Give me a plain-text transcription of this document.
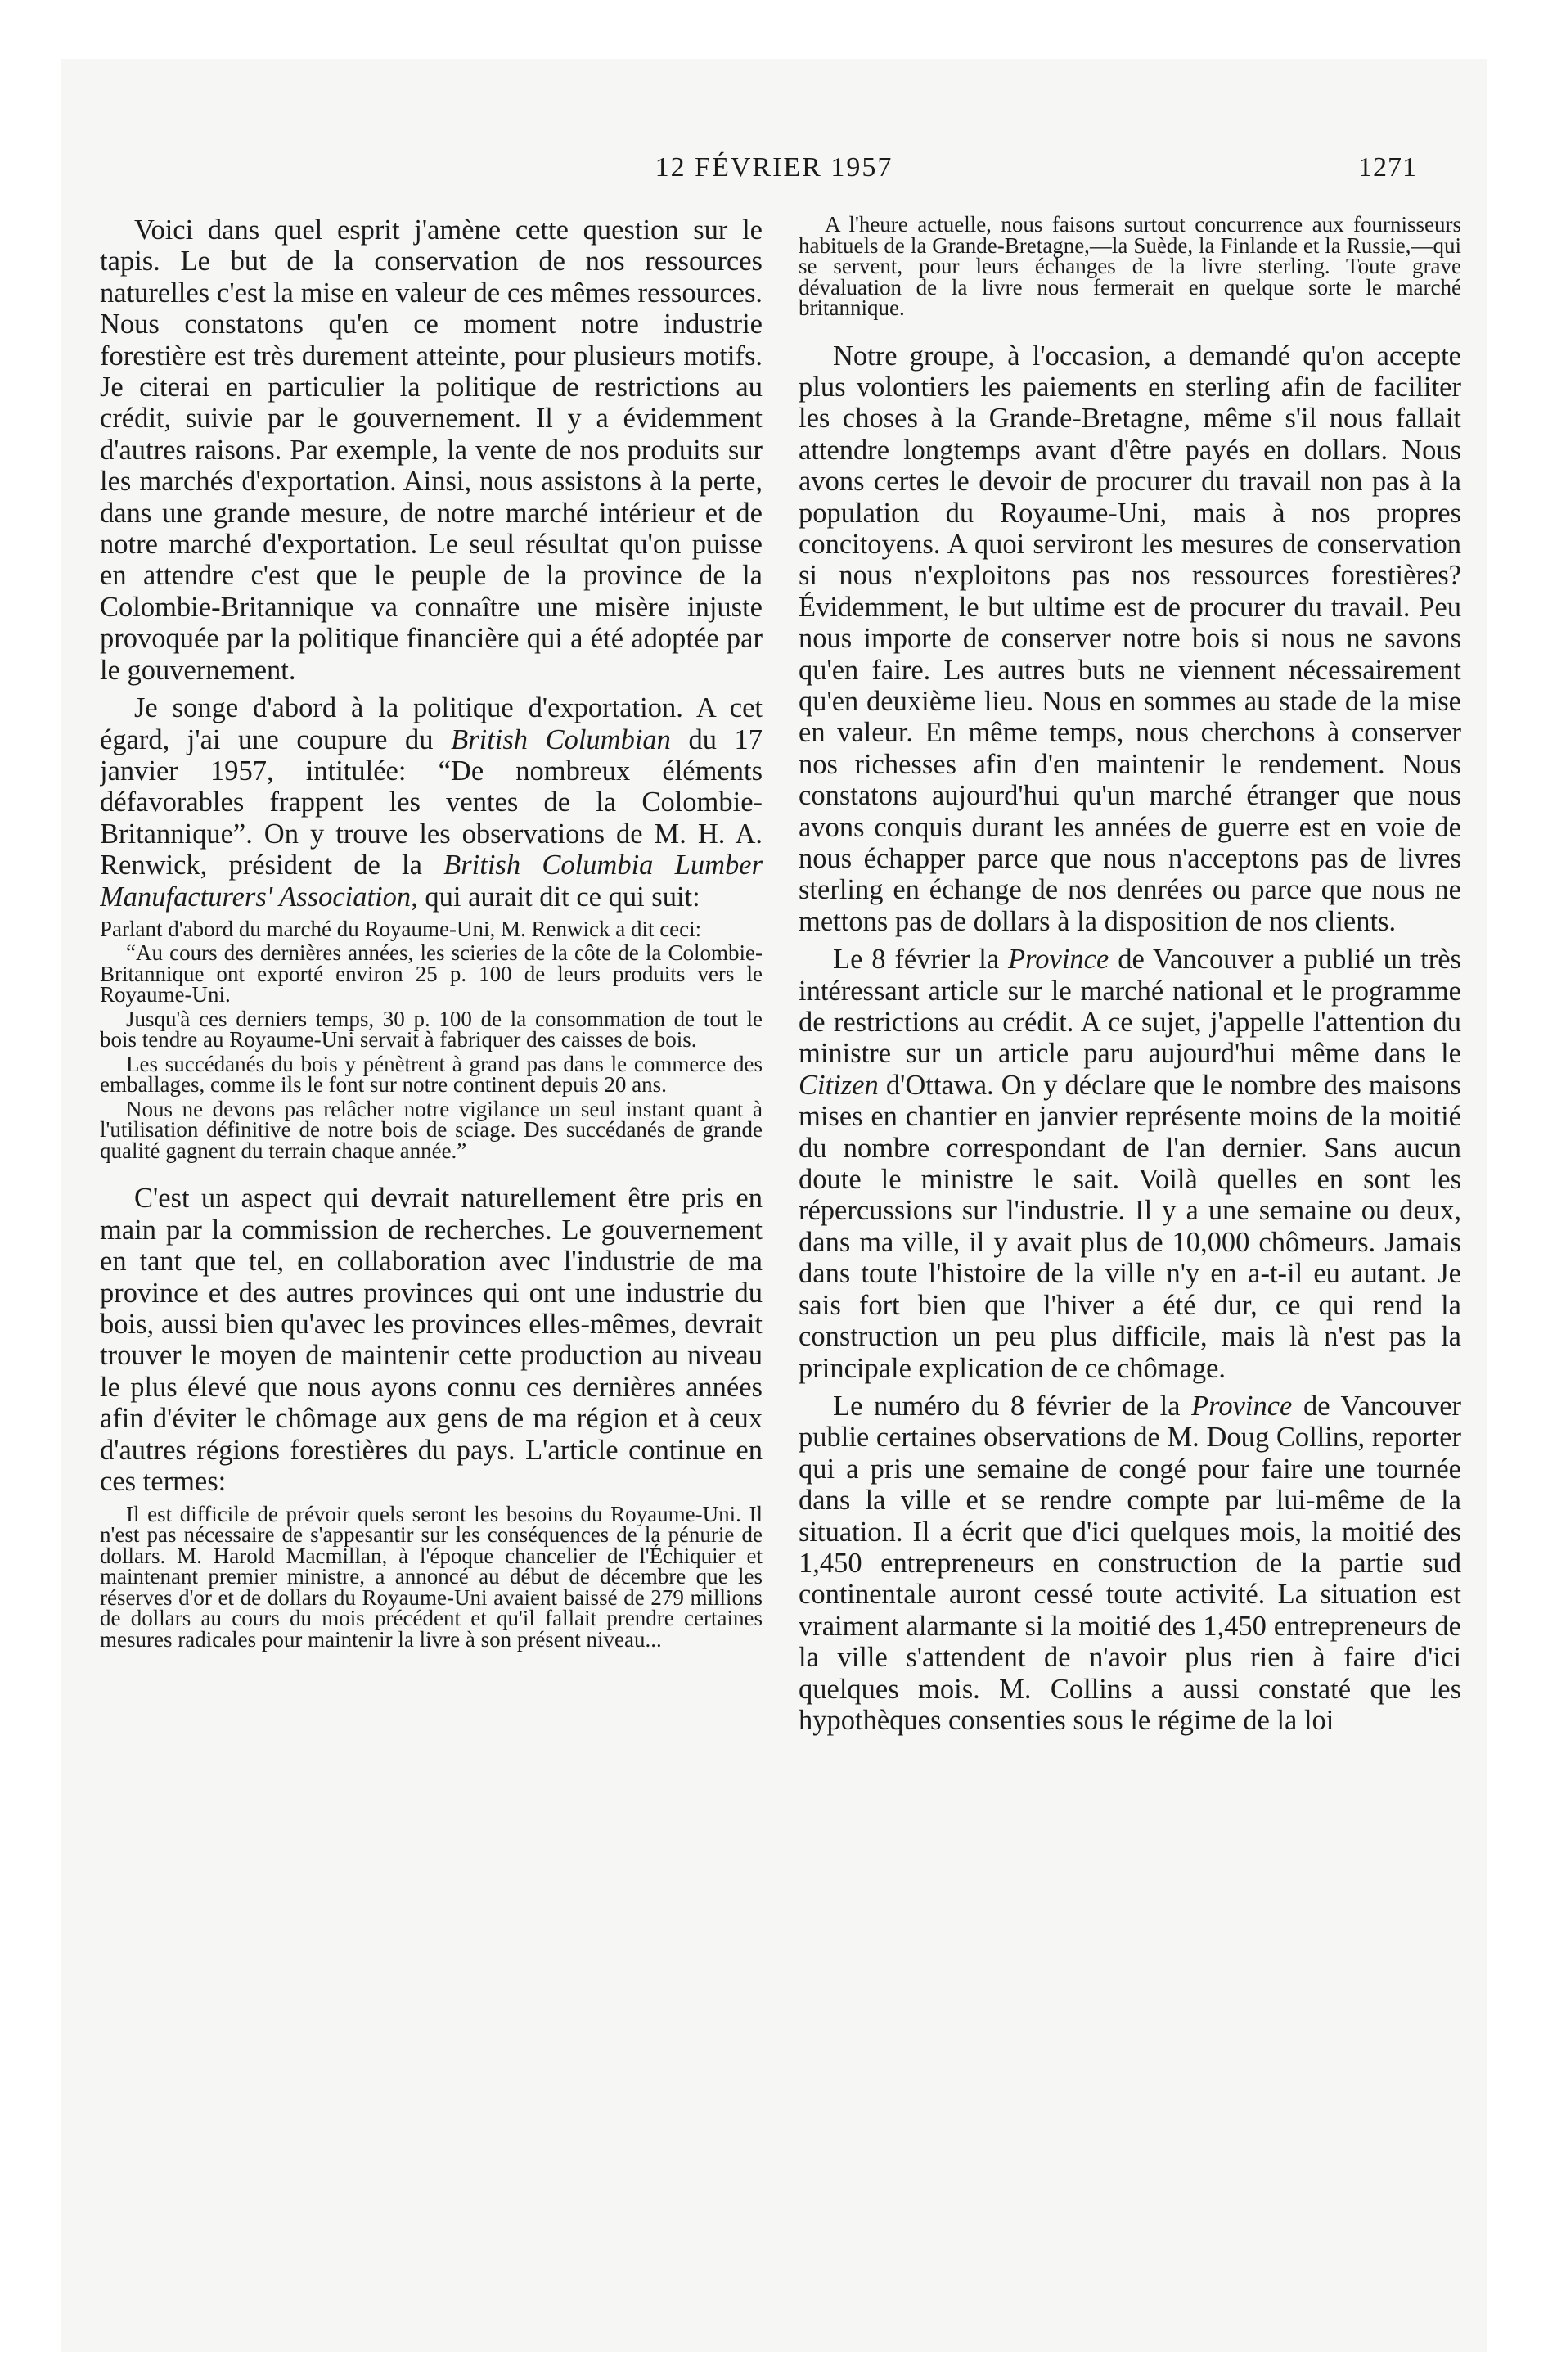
12 FÉVRIER 1957	1271

Voici dans quel esprit j'amène cette question sur le tapis. Le but de la conservation de nos ressources naturelles c'est la mise en valeur de ces mêmes ressources. Nous constatons qu'en ce moment notre industrie forestière est très durement atteinte, pour plusieurs motifs. Je citerai en particulier la politique de restrictions au crédit, suivie par le gouvernement. Il y a évidemment d'autres raisons. Par exemple, la vente de nos produits sur les marchés d'exportation. Ainsi, nous assistons à la perte, dans une grande mesure, de notre marché intérieur et de notre marché d'exportation. Le seul résultat qu'on puisse en attendre c'est que le peuple de la province de la Colombie-Britannique va connaître une misère injuste provoquée par la politique financière qui a été adoptée par le gouvernement.

Je songe d'abord à la politique d'exportation. A cet égard, j'ai une coupure du British Columbian du 17 janvier 1957, intitulée: “De nombreux éléments défavorables frappent les ventes de la Colombie-Britannique”. On y trouve les observations de M. H. A. Renwick, président de la British Columbia Lumber Manufacturers' Association, qui aurait dit ce qui suit:

Parlant d'abord du marché du Royaume-Uni, M. Renwick a dit ceci:

“Au cours des dernières années, les scieries de la côte de la Colombie-Britannique ont exporté environ 25 p. 100 de leurs produits vers le Royaume-Uni.

Jusqu'à ces derniers temps, 30 p. 100 de la consommation de tout le bois tendre au Royaume-Uni servait à fabriquer des caisses de bois.

Les succédanés du bois y pénètrent à grand pas dans le commerce des emballages, comme ils le font sur notre continent depuis 20 ans.

Nous ne devons pas relâcher notre vigilance un seul instant quant à l'utilisation définitive de notre bois de sciage. Des succédanés de grande qualité gagnent du terrain chaque année.”

C'est un aspect qui devrait naturellement être pris en main par la commission de recherches. Le gouvernement en tant que tel, en collaboration avec l'industrie de ma province et des autres provinces qui ont une industrie du bois, aussi bien qu'avec les provinces elles-mêmes, devrait trouver le moyen de maintenir cette production au niveau le plus élevé que nous ayons connu ces dernières années afin d'éviter le chômage aux gens de ma région et à ceux d'autres régions forestières du pays. L'article continue en ces termes:

Il est difficile de prévoir quels seront les besoins du Royaume-Uni. Il n'est pas nécessaire de s'appesantir sur les conséquences de la pénurie de dollars. M. Harold Macmillan, à l'époque chancelier de l'Échiquier et maintenant premier ministre, a annoncé au début de décembre que les réserves d'or et de dollars du Royaume-Uni avaient baissé de 279 millions de dollars au cours du mois précédent et qu'il fallait prendre certaines mesures radicales pour maintenir la livre à son présent niveau...

A l'heure actuelle, nous faisons surtout concurrence aux fournisseurs habituels de la Grande-Bretagne,—la Suède, la Finlande et la Russie,—qui se servent, pour leurs échanges de la livre sterling. Toute grave dévaluation de la livre nous fermerait en quelque sorte le marché britannique.

Notre groupe, à l'occasion, a demandé qu'on accepte plus volontiers les paiements en sterling afin de faciliter les choses à la Grande-Bretagne, même s'il nous fallait attendre longtemps avant d'être payés en dollars. Nous avons certes le devoir de procurer du travail non pas à la population du Royaume-Uni, mais à nos propres concitoyens. A quoi serviront les mesures de conservation si nous n'exploitons pas nos ressources forestières? Évidemment, le but ultime est de procurer du travail. Peu nous importe de conserver notre bois si nous ne savons qu'en faire. Les autres buts ne viennent nécessairement qu'en deuxième lieu. Nous en sommes au stade de la mise en valeur. En même temps, nous cherchons à conserver nos richesses afin d'en maintenir le rendement. Nous constatons aujourd'hui qu'un marché étranger que nous avons conquis durant les années de guerre est en voie de nous échapper parce que nous n'acceptons pas de livres sterling en échange de nos denrées ou parce que nous ne mettons pas de dollars à la disposition de nos clients.

Le 8 février la Province de Vancouver a publié un très intéressant article sur le marché national et le programme de restrictions au crédit. A ce sujet, j'appelle l'attention du ministre sur un article paru aujourd'hui même dans le Citizen d'Ottawa. On y déclare que le nombre des maisons mises en chantier en janvier représente moins de la moitié du nombre correspondant de l'an dernier. Sans aucun doute le ministre le sait. Voilà quelles en sont les répercussions sur l'industrie. Il y a une semaine ou deux, dans ma ville, il y avait plus de 10,000 chômeurs. Jamais dans toute l'histoire de la ville n'y en a-t-il eu autant. Je sais fort bien que l'hiver a été dur, ce qui rend la construction un peu plus difficile, mais là n'est pas la principale explication de ce chômage.

Le numéro du 8 février de la Province de Vancouver publie certaines observations de M. Doug Collins, reporter qui a pris une semaine de congé pour faire une tournée dans la ville et se rendre compte par lui-même de la situation. Il a écrit que d'ici quelques mois, la moitié des 1,450 entrepreneurs en construction de la partie sud continentale auront cessé toute activité. La situation est vraiment alarmante si la moitié des 1,450 entrepreneurs de la ville s'attendent de n'avoir plus rien à faire d'ici quelques mois. M. Collins a aussi constaté que les hypothèques consenties sous le régime de la loi
